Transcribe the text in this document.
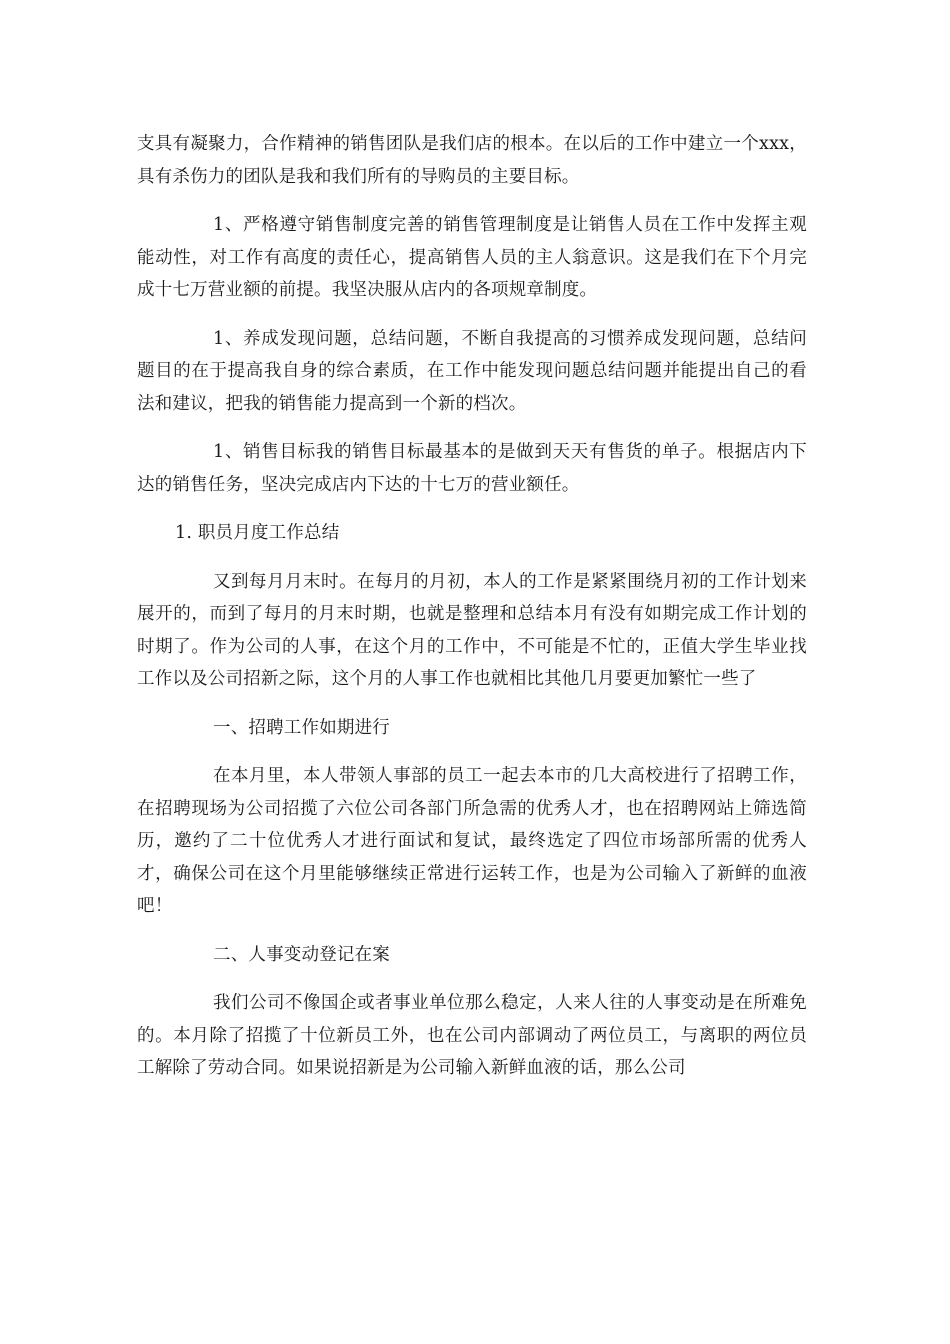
支具有凝聚力，合作精神的销售团队是我们店的根本。在以后的工作中建立一个xxx，具有杀伤力的团队是我和我们所有的导购员的主要目标。

1、严格遵守销售制度完善的销售管理制度是让销售人员在工作中发挥主观能动性，对工作有高度的责任心，提高销售人员的主人翁意识。这是我们在下个月完成十七万营业额的前提。我坚决服从店内的各项规章制度。

1、养成发现问题，总结问题，不断自我提高的习惯养成发现问题，总结问题目的在于提高我自身的综合素质，在工作中能发现问题总结问题并能提出自己的看法和建议，把我的销售能力提高到一个新的档次。

1、销售目标我的销售目标最基本的是做到天天有售货的单子。根据店内下达的销售任务，坚决完成店内下达的十七万的营业额任。

1. 职员月度工作总结

又到每月月末时。在每月的月初，本人的工作是紧紧围绕月初的工作计划来展开的，而到了每月的月末时期，也就是整理和总结本月有没有如期完成工作计划的时期了。作为公司的人事，在这个月的工作中，不可能是不忙的，正值大学生毕业找工作以及公司招新之际，这个月的人事工作也就相比其他几月要更加繁忙一些了

一、招聘工作如期进行

在本月里，本人带领人事部的员工一起去本市的几大高校进行了招聘工作，在招聘现场为公司招揽了六位公司各部门所急需的优秀人才，也在招聘网站上筛选简历，邀约了二十位优秀人才进行面试和复试，最终选定了四位市场部所需的优秀人才，确保公司在这个月里能够继续正常进行运转工作，也是为公司输入了新鲜的血液吧！

二、人事变动登记在案

我们公司不像国企或者事业单位那么稳定，人来人往的人事变动是在所难免的。本月除了招揽了十位新员工外，也在公司内部调动了两位员工，与离职的两位员工解除了劳动合同。如果说招新是为公司输入新鲜血液的话，那么公司
